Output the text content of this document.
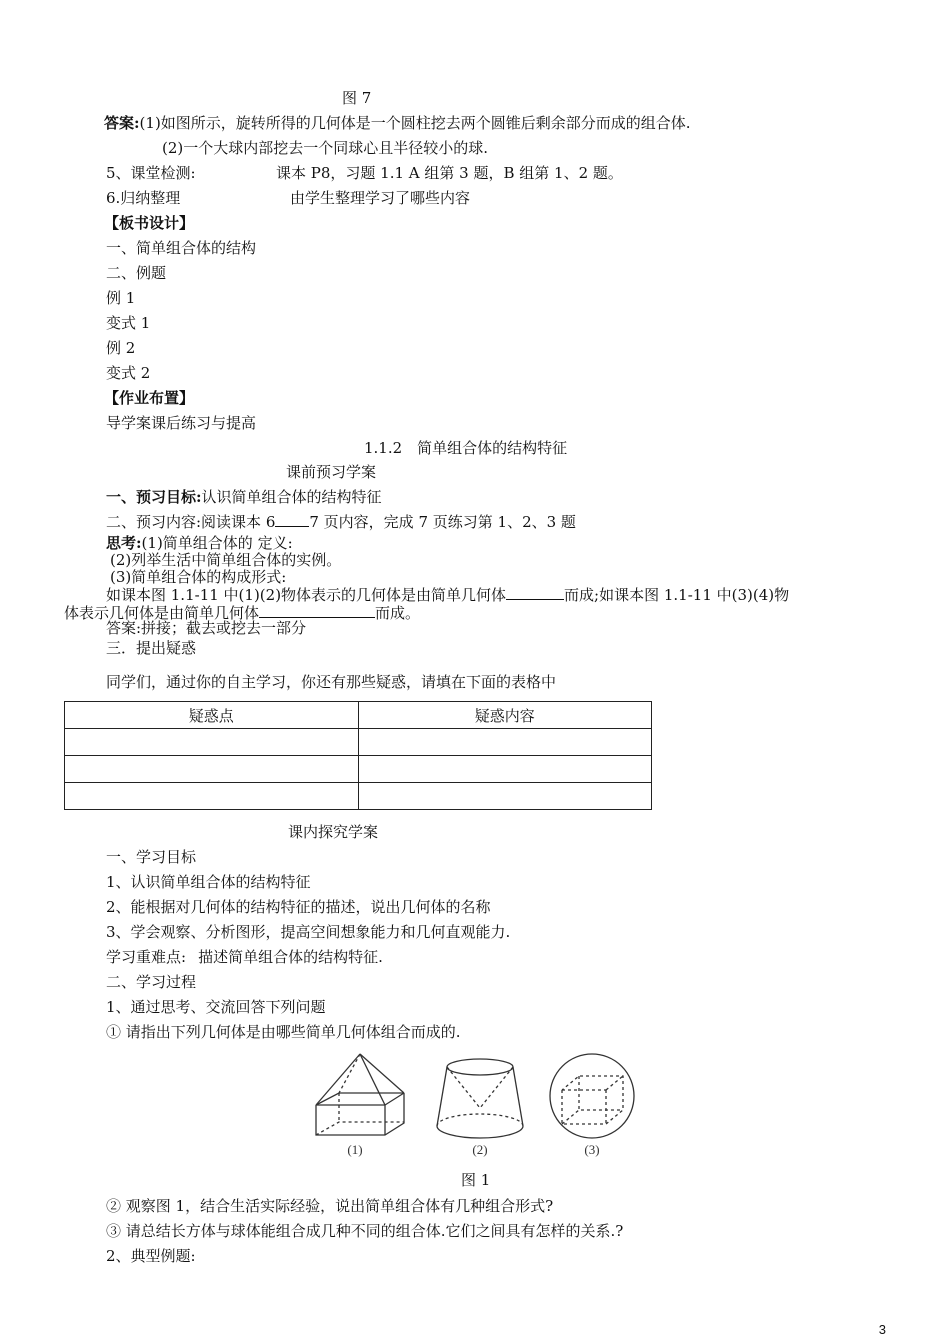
图 7
答案:(1)如图所示，旋转所得的几何体是一个圆柱挖去两个圆锥后剩余部分而成的组合体.
(2)一个大球内部挖去一个同球心且半径较小的球.
5、课堂检测:	课本 P8，习题 1.1 A 组第 3 题，B 组第 1、2 题。
6.归纳整理	由学生整理学习了哪些内容
【板书设计】
一、简单组合体的结构
二、例题
例 1
变式 1
例 2
变式 2
【作业布置】
导学案课后练习与提高
1.1.2　简单组合体的结构特征
课前预习学案
一、预习目标:认识简单组合体的结构特征
二、预习内容:阅读课本 6 7 页内容，完成 7 页练习第 1、2、3 题
思考:(1)简单组合体的 定义:
(2)列举生活中简单组合体的实例。
(3)简单组合体的构成形式:
如课本图 1.1-11 中(1)(2)物体表示的几何体是由简单几何体	而成;如课本图 1.1-11 中(3)(4)物
体表示几何体是由简单几何体	而成。
答案:拼接；截去或挖去一部分
三．提出疑惑
同学们，通过你的自主学习，你还有那些疑惑，请填在下面的表格中
疑惑点	疑惑内容

课内探究学案
一、学习目标
1、认识简单组合体的结构特征
2、能根据对几何体的结构特征的描述，说出几何体的名称
3、学会观察、分析图形，提高空间想象能力和几何直观能力.
学习重难点: 描述简单组合体的结构特征.
二、学习过程
1、通过思考、交流回答下列问题
① 请指出下列几何体是由哪些简单几何体组合而成的.
(1)	(2)	(3)
图 1
② 观察图 1，结合生活实际经验，说出简单组合体有几种组合形式?
③ 请总结长方体与球体能组合成几种不同的组合体.它们之间具有怎样的关系.?
2、典型例题:
3
